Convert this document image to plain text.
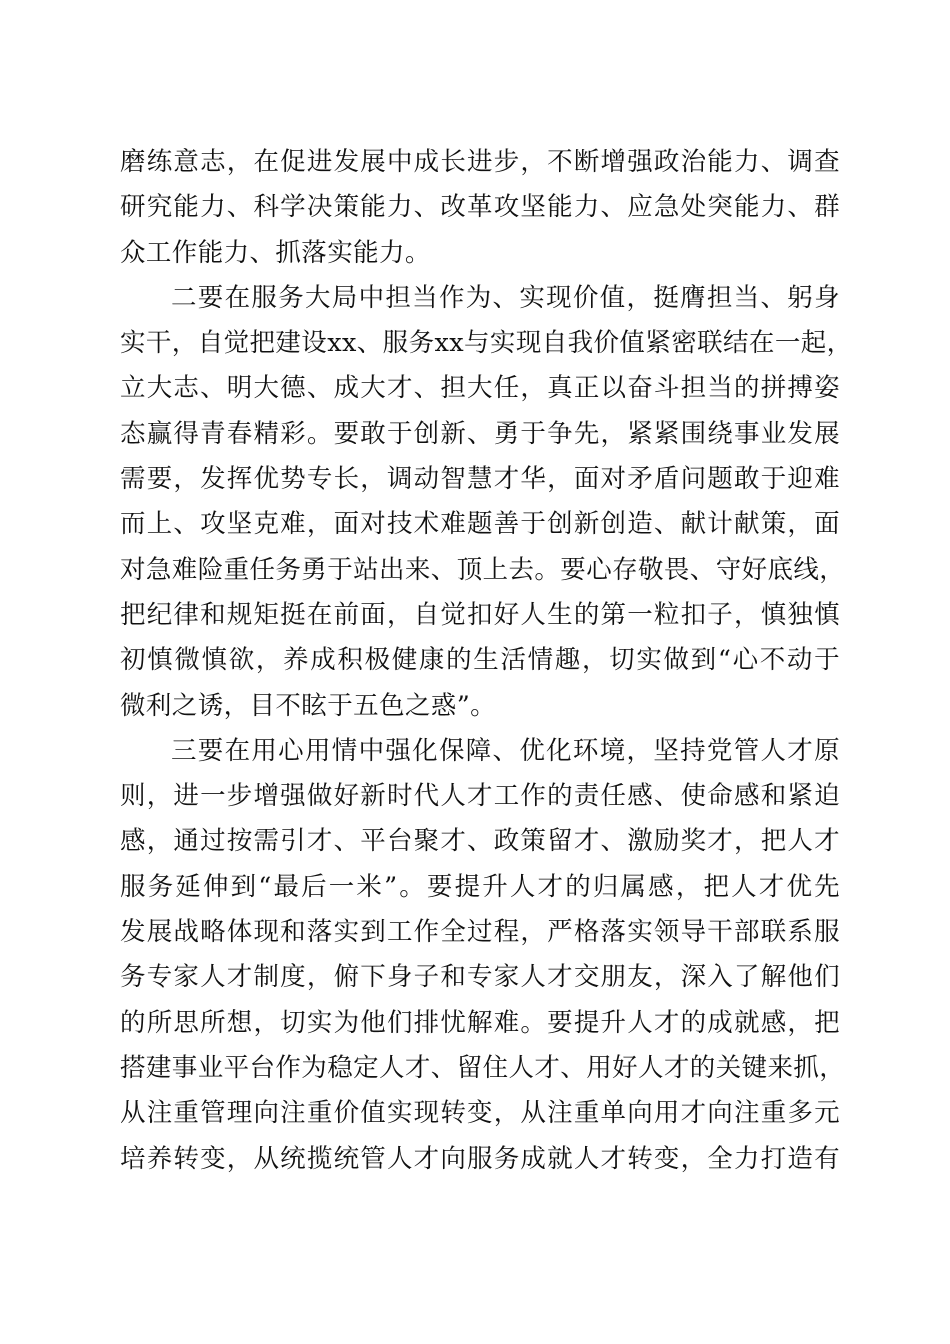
磨练意志，在促进发展中成长进步，不断增强政治能力、调查
研究能力、科学决策能力、改革攻坚能力、应急处突能力、群
众工作能力、抓落实能力。
二要在服务大局中担当作为、实现价值，挺膺担当、躬身
实干，自觉把建设xx、服务xx与实现自我价值紧密联结在一起，
立大志、明大德、成大才、担大任，真正以奋斗担当的拼搏姿
态赢得青春精彩。要敢于创新、勇于争先，紧紧围绕事业发展
需要，发挥优势专长，调动智慧才华，面对矛盾问题敢于迎难
而上、攻坚克难，面对技术难题善于创新创造、献计献策，面
对急难险重任务勇于站出来、顶上去。要心存敬畏、守好底线，
把纪律和规矩挺在前面，自觉扣好人生的第一粒扣子，慎独慎
初慎微慎欲，养成积极健康的生活情趣，切实做到“心不动于
微利之诱，目不眩于五色之惑”。
三要在用心用情中强化保障、优化环境，坚持党管人才原
则，进一步增强做好新时代人才工作的责任感、使命感和紧迫
感，通过按需引才、平台聚才、政策留才、激励奖才，把人才
服务延伸到“最后一米”。要提升人才的归属感，把人才优先
发展战略体现和落实到工作全过程，严格落实领导干部联系服
务专家人才制度，俯下身子和专家人才交朋友，深入了解他们
的所思所想，切实为他们排忧解难。要提升人才的成就感，把
搭建事业平台作为稳定人才、留住人才、用好人才的关键来抓，
从注重管理向注重价值实现转变，从注重单向用才向注重多元
培养转变，从统揽统管人才向服务成就人才转变，全力打造有
